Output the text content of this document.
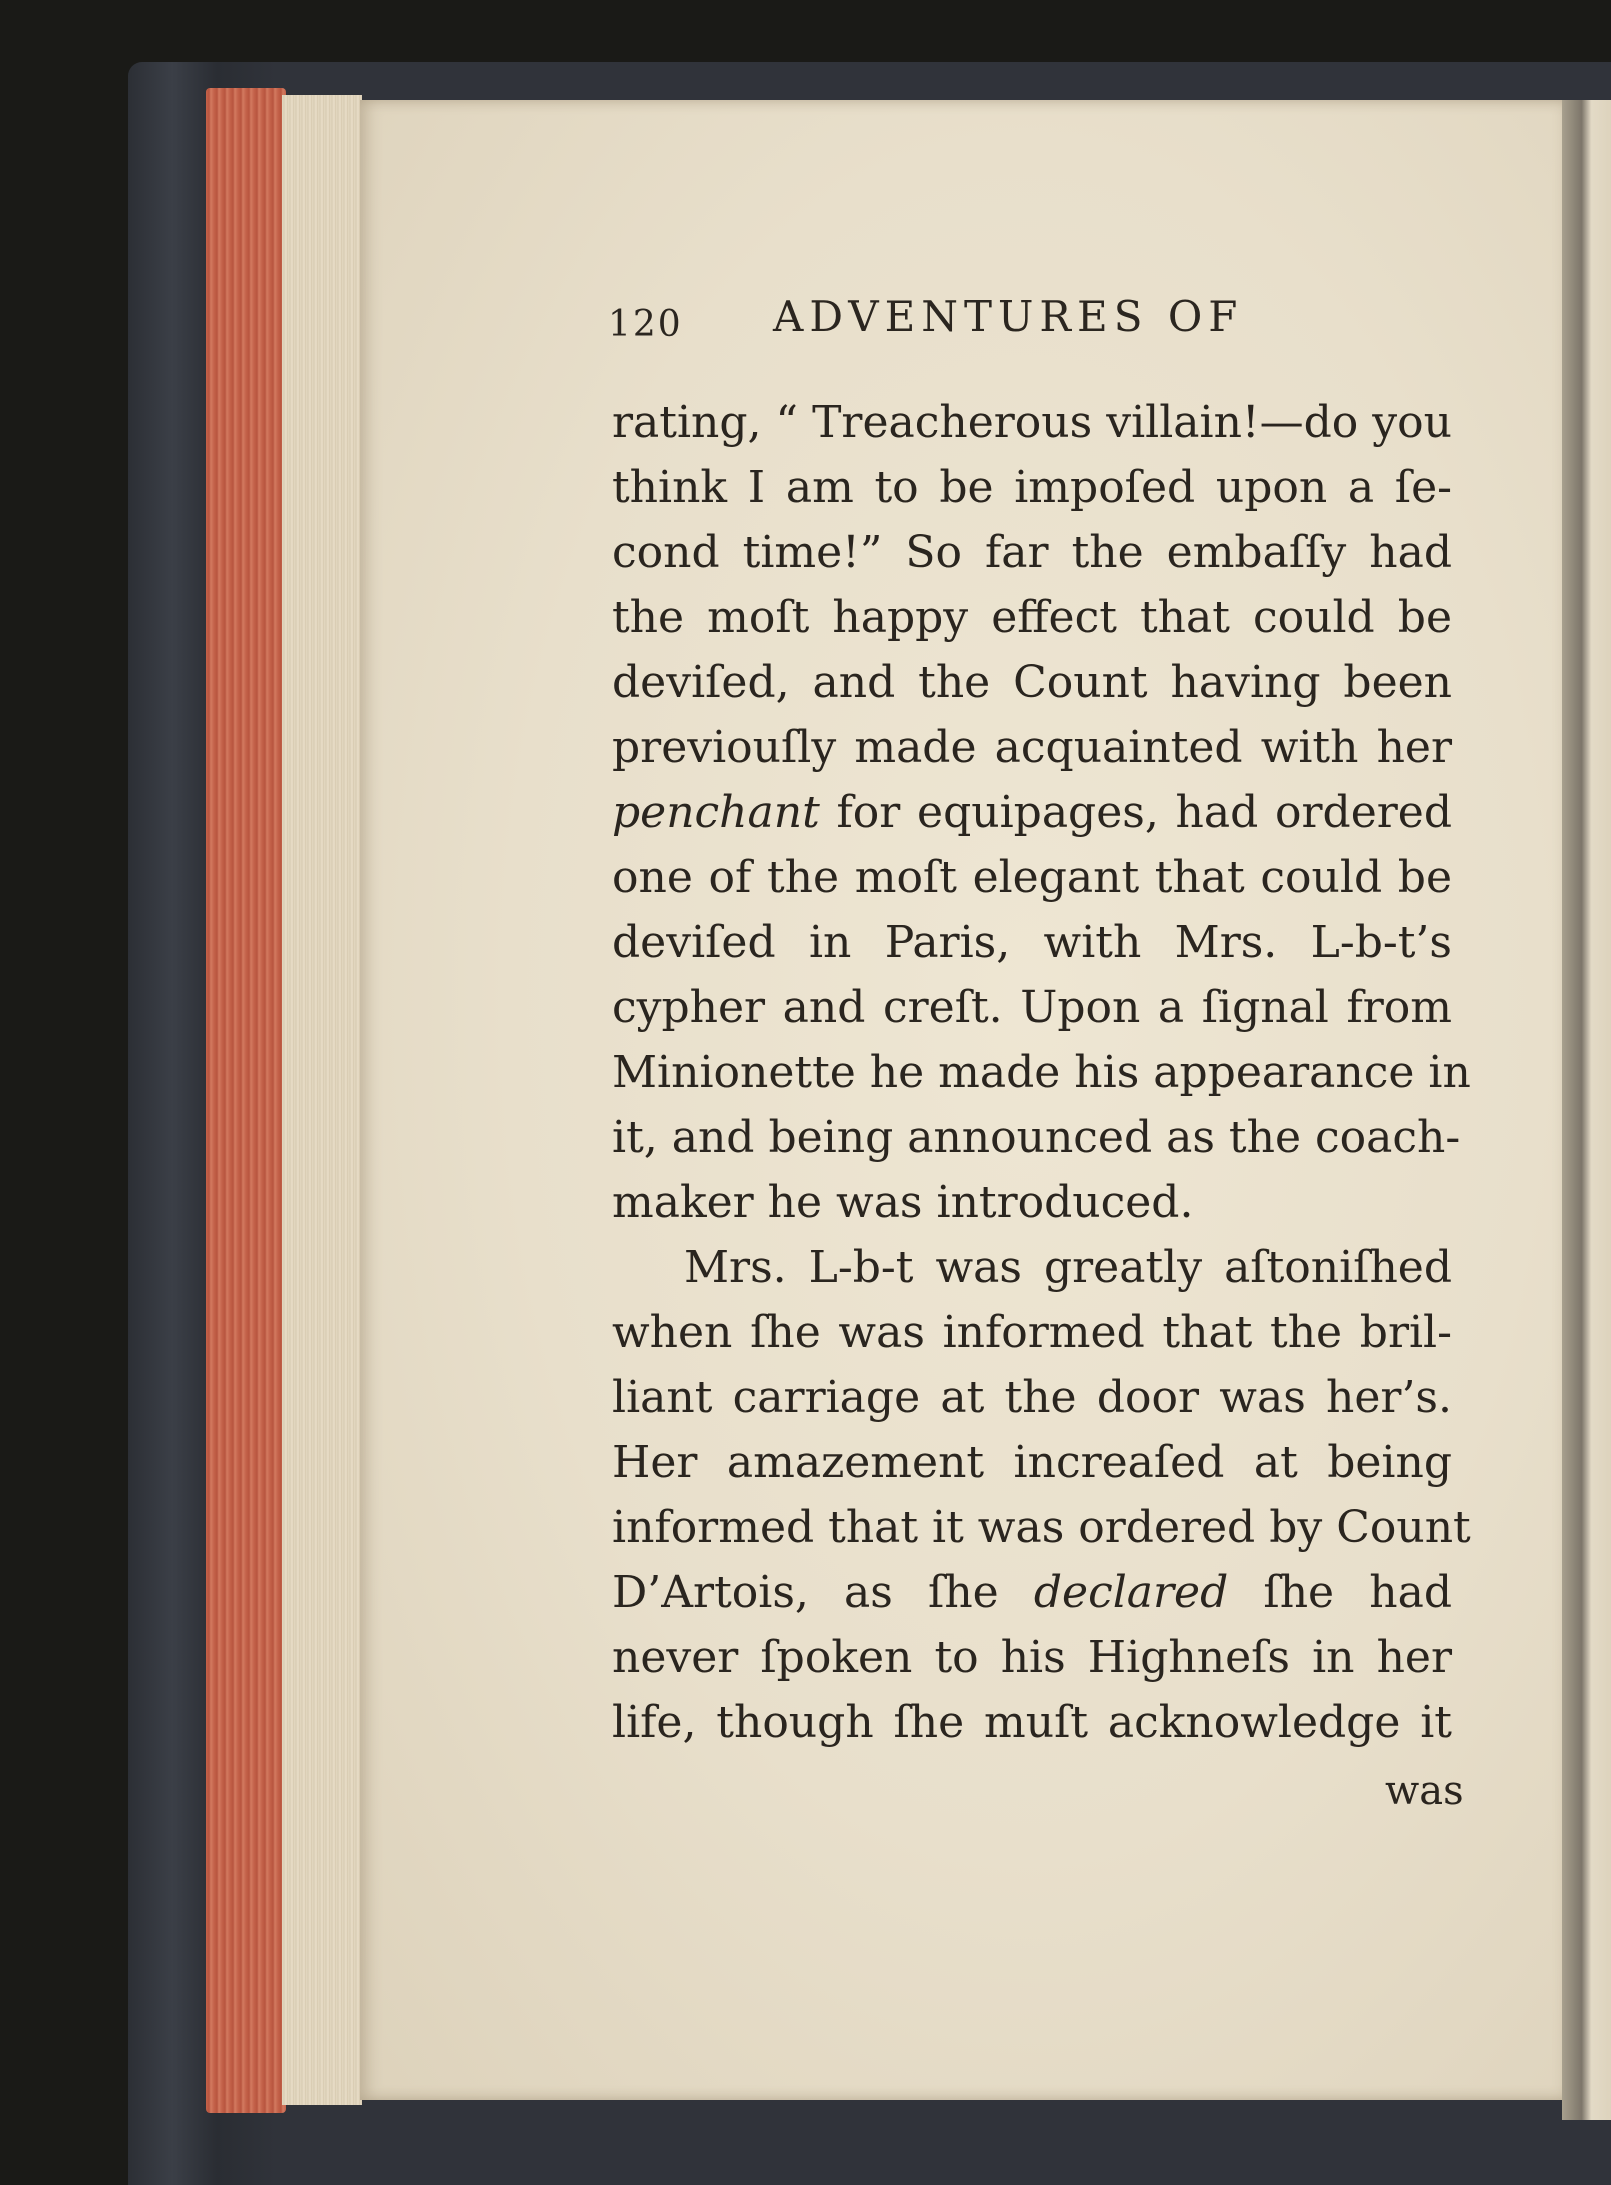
120 ADVENTURES OF
rating, “ Treacherous villain!—do you
think I am to be impoſed upon a ſe-
cond time!” So far the embaſſy had
the moſt happy effect that could be
deviſed, and the Count having been
previouſly made acquainted with her
penchant for equipages, had ordered
one of the moſt elegant that could be
deviſed in Paris, with Mrs. L-b-t’s
cypher and creſt. Upon a ſignal from
Minionette he made his appearance in
it, and being announced as the coach-
maker he was introduced.
Mrs. L-b-t was greatly aſtoniſhed
when ſhe was informed that the bril-
liant carriage at the door was her’s.
Her amazement increaſed at being
informed that it was ordered by Count
D’Artois, as ſhe declared ſhe had
never ſpoken to his Highneſs in her
life, though ſhe muſt acknowledge it
was
